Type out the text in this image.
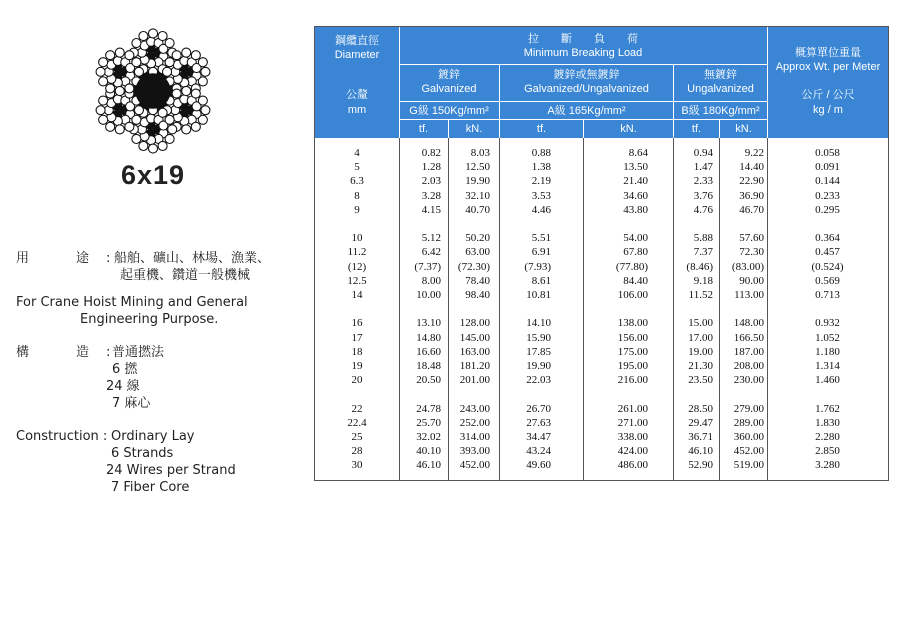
6x19
用	途 : 船舶、礦山、林場、漁業、
起重機、鑽道一般機械
For Crane Hoist Mining and General
Engineering Purpose.
構	造 : 普通撚法
6 撚
24 線
7 麻心
Construction : Ordinary Lay
6 Strands
24 Wires per Strand
7 Fiber Core
鋼纜直徑
Diameter
公釐
mm
拉　　斷　　負　　荷
Minimum Breaking Load
鍍鋅
Galvanized
鍍鋅或無鍍鋅
Galvanized/Ungalvanized
無鍍鋅
Ungalvanized
G級 150Kg/mm²	A級 165Kg/mm²	B級 180Kg/mm²
tf.	kN.	tf.	kN.	tf.	kN.
概算單位重量
Approx Wt. per Meter
公斤 / 公尺
kg / m
4	0.82	8.03	0.88	8.64	0.94	9.22	0.058
5	1.28	12.50	1.38	13.50	1.47	14.40	0.091
6.3	2.03	19.90	2.19	21.40	2.33	22.90	0.144
8	3.28	32.10	3.53	34.60	3.76	36.90	0.233
9	4.15	40.70	4.46	43.80	4.76	46.70	0.295
10	5.12	50.20	5.51	54.00	5.88	57.60	0.364
11.2	6.42	63.00	6.91	67.80	7.37	72.30	0.457
(12)	(7.37)	(72.30)	(7.93)	(77.80)	(8.46)	(83.00)	(0.524)
12.5	8.00	78.40	8.61	84.40	9.18	90.00	0.569
14	10.00	98.40	10.81	106.00	11.52	113.00	0.713
16	13.10	128.00	14.10	138.00	15.00	148.00	0.932
17	14.80	145.00	15.90	156.00	17.00	166.50	1.052
18	16.60	163.00	17.85	175.00	19.00	187.00	1.180
19	18.48	181.20	19.90	195.00	21.30	208.00	1.314
20	20.50	201.00	22.03	216.00	23.50	230.00	1.460
22	24.78	243.00	26.70	261.00	28.50	279.00	1.762
22.4	25.70	252.00	27.63	271.00	29.47	289.00	1.830
25	32.02	314.00	34.47	338.00	36.71	360.00	2.280
28	40.10	393.00	43.24	424.00	46.10	452.00	2.850
30	46.10	452.00	49.60	486.00	52.90	519.00	3.280
